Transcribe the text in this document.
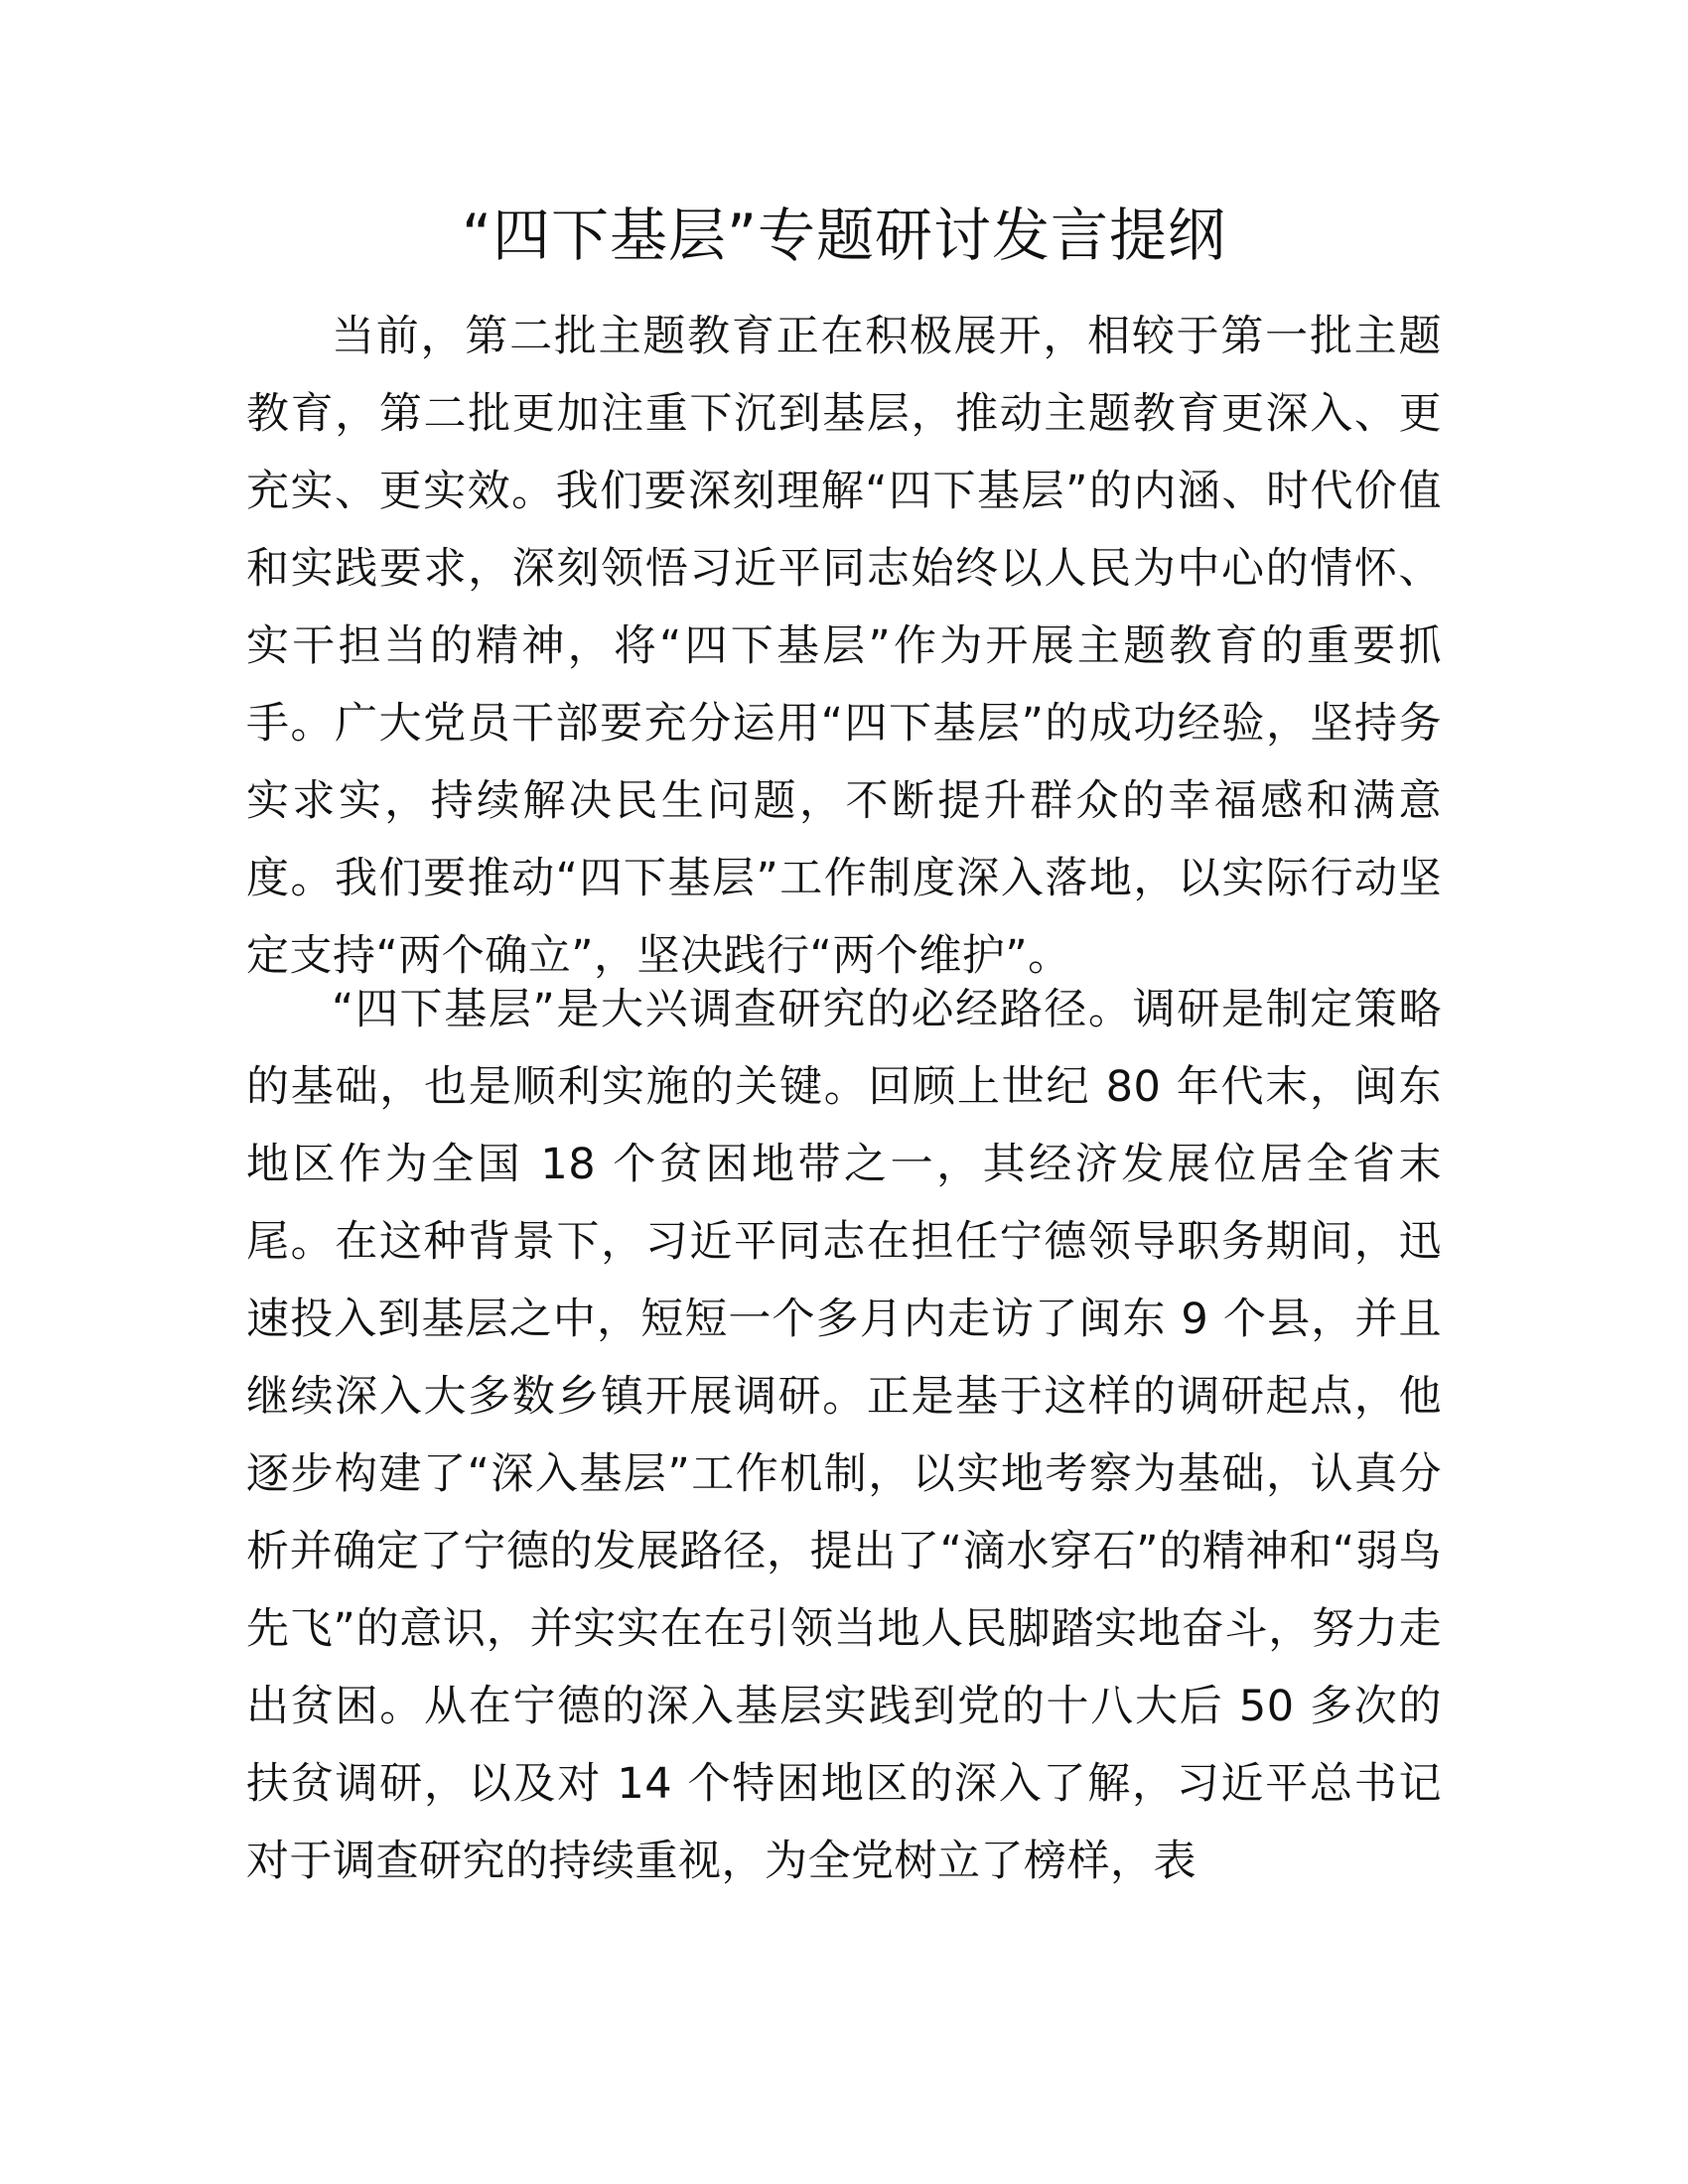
“四下基层”专题研讨发言提纲

当前，第二批主题教育正在积极展开，相较于第一批主题教育，第二批更加注重下沉到基层，推动主题教育更深入、更充实、更实效。我们要深刻理解“四下基层”的内涵、时代价值和实践要求，深刻领悟习近平同志始终以人民为中心的情怀、实干担当的精神，将“四下基层”作为开展主题教育的重要抓手。广大党员干部要充分运用“四下基层”的成功经验，坚持务实求实，持续解决民生问题，不断提升群众的幸福感和满意度。我们要推动“四下基层”工作制度深入落地，以实际行动坚定支持“两个确立”，坚决践行“两个维护”。

“四下基层”是大兴调查研究的必经路径。调研是制定策略的基础，也是顺利实施的关键。回顾上世纪 80 年代末，闽东地区作为全国 18 个贫困地带之一，其经济发展位居全省末尾。在这种背景下，习近平同志在担任宁德领导职务期间，迅速投入到基层之中，短短一个多月内走访了闽东 9 个县，并且继续深入大多数乡镇开展调研。正是基于这样的调研起点，他逐步构建了“深入基层”工作机制，以实地考察为基础，认真分析并确定了宁德的发展路径，提出了“滴水穿石”的精神和“弱鸟先飞”的意识，并实实在在引领当地人民脚踏实地奋斗，努力走出贫困。从在宁德的深入基层实践到党的十八大后 50 多次的扶贫调研，以及对 14 个特困地区的深入了解，习近平总书记对于调查研究的持续重视，为全党树立了榜样，表
